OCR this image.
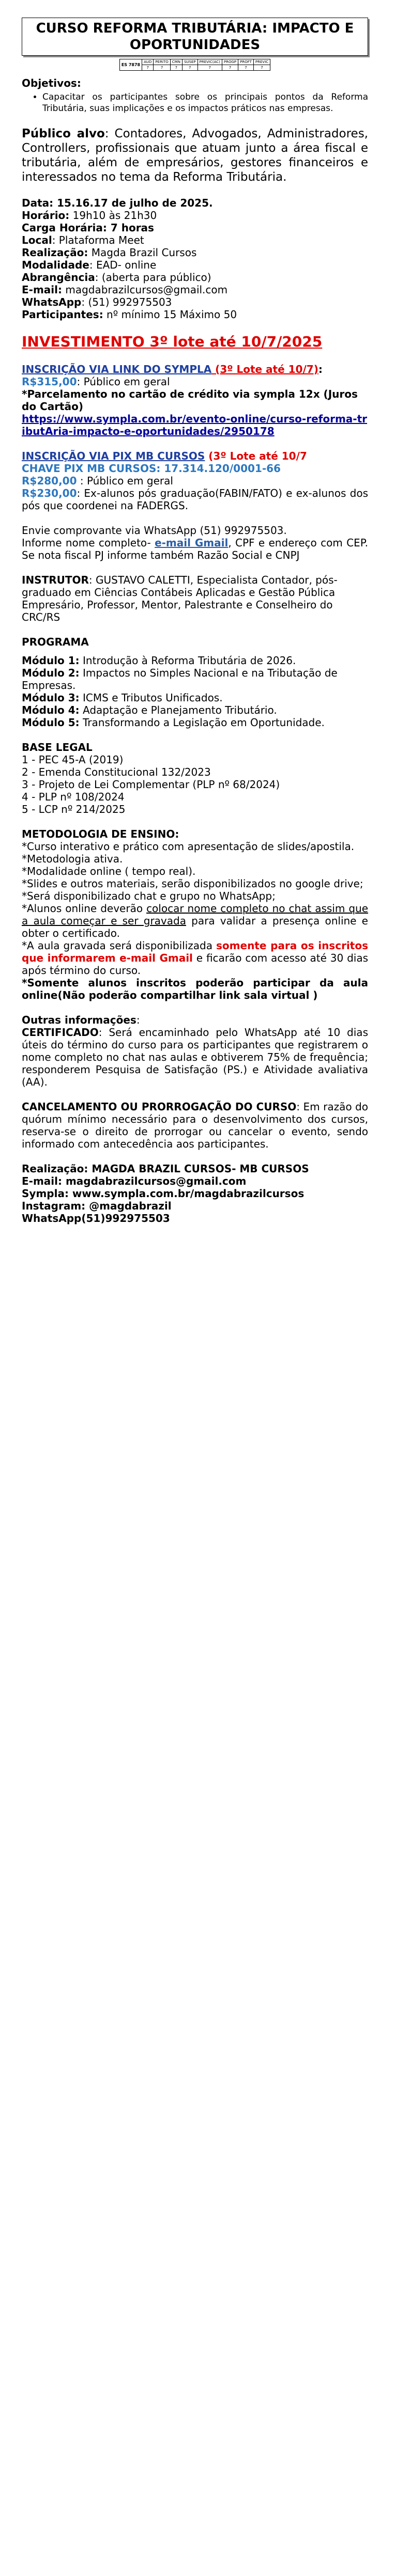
CURSO REFORMA TRIBUTÁRIA: IMPACTO E OPORTUNIDADES
ES 7878	AUD	PERITO	CMN	SUSEP	PREVIC(AC)	PROGP	PROFT	PREVIC
	7	7	7	7	7	7	7	7

Objetivos:

• Capacitar os participantes sobre os principais pontos da Reforma Tributária, suas implicações e os impactos práticos nas empresas.

Público alvo: Contadores, Advogados, Administradores, Controllers, profissionais que atuam junto a área fiscal e tributária, além de empresários, gestores financeiros e interessados no tema da Reforma Tributária.

Data: 15.16.17 de julho de 2025.

Horário: 19h10 às 21h30

Carga Horária: 7 horas

Local: Plataforma Meet

Realização: Magda Brazil Cursos

Modalidade: EAD- online

Abrangência: (aberta para público)

E-mail: magdabrazilcursos@gmail.com

WhatsApp: (51) 992975503

Participantes: nº mínimo 15 Máximo 50

INVESTIMENTO 3º lote até 10/7/2025

INSCRIÇÃO VIA LINK DO SYMPLA (3º Lote até 10/7):

R$315,00: Público em geral

*Parcelamento no cartão de crédito via sympla 12x (Juros do Cartão)

https://www.sympla.com.br/evento-online/curso-reforma-tributAria-impacto-e-oportunidades/2950178

INSCRIÇÃO VIA PIX MB CURSOS (3º Lote até 10/7

CHAVE PIX MB CURSOS: 17.314.120/0001-66

R$280,00 : Público em geral

R$230,00: Ex-alunos pós graduação(FABIN/FATO) e ex-alunos dos pós que coordenei na FADERGS.

Envie comprovante via WhatsApp (51) 992975503.

Informe nome completo- e-mail Gmail, CPF e endereço com CEP. Se nota fiscal PJ informe também Razão Social e CNPJ

INSTRUTOR: GUSTAVO CALETTI, Especialista Contador, pós-graduado em Ciências Contábeis Aplicadas e Gestão Pública Empresário, Professor, Mentor, Palestrante e Conselheiro do CRC/RS

PROGRAMA

Módulo 1: Introdução à Reforma Tributária de 2026.

Módulo 2: Impactos no Simples Nacional e na Tributação de Empresas.

Módulo 3: ICMS e Tributos Unificados.

Módulo 4: Adaptação e Planejamento Tributário.

Módulo 5: Transformando a Legislação em Oportunidade.

BASE LEGAL

1 - PEC 45-A (2019)

2 - Emenda Constitucional 132/2023

3 - Projeto de Lei Complementar (PLP nº 68/2024)

4 - PLP nº 108/2024

5 - LCP nº 214/2025

METODOLOGIA DE ENSINO:

*Curso interativo e prático com apresentação de slides/apostila.

*Metodologia ativa.

*Modalidade online ( tempo real).

*Slides e outros materiais, serão disponibilizados no google drive;

*Será disponibilizado chat e grupo no WhatsApp;

*Alunos online deverão colocar nome completo no chat assim que a aula começar e ser gravada para validar a presença online e obter o certificado.

*A aula gravada será disponibilizada somente para os inscritos que informarem e-mail Gmail e ficarão com acesso até 30 dias após término do curso.

*Somente alunos inscritos poderão participar da aula online(Não poderão compartilhar link sala virtual )

Outras informações:

CERTIFICADO: Será encaminhado pelo WhatsApp até 10 dias úteis do término do curso para os participantes que registrarem o nome completo no chat nas aulas e obtiverem 75% de frequência; responderem Pesquisa de Satisfação (PS.) e Atividade avaliativa (AA).

CANCELAMENTO OU PRORROGAÇÃO DO CURSO: Em razão do quórum mínimo necessário para o desenvolvimento dos cursos, reserva-se o direito de prorrogar ou cancelar o evento, sendo informado com antecedência aos participantes.

Realização: MAGDA BRAZIL CURSOS- MB CURSOS

E-mail: magdabrazilcursos@gmail.com

Sympla: www.sympla.com.br/magdabrazilcursos

Instagram: @magdabrazil

WhatsApp(51)992975503
